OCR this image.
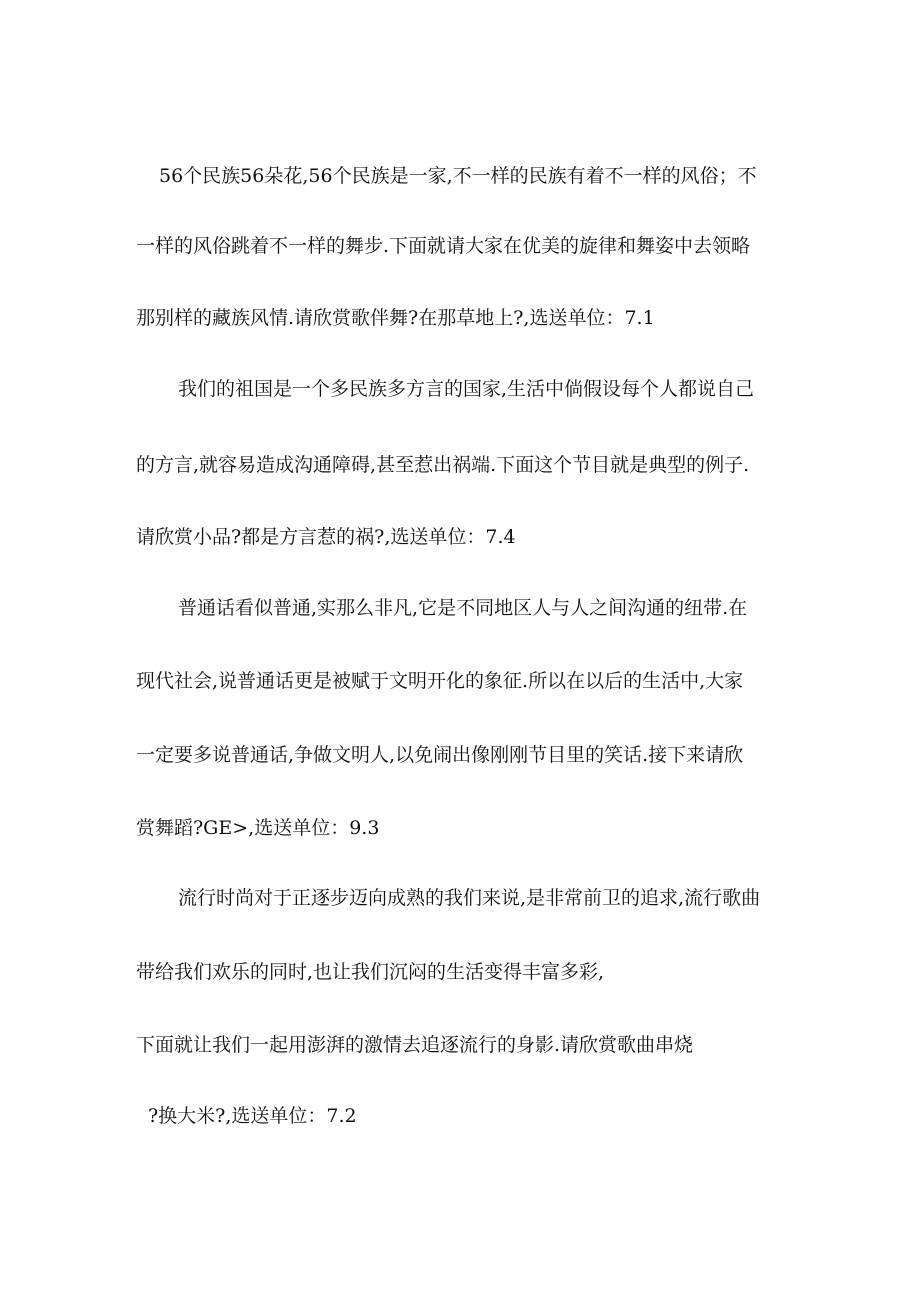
56个民族56朵花,56个民族是一家,不一样的民族有着不一样的风俗；不

一样的风俗跳着不一样的舞步.下面就请大家在优美的旋律和舞姿中去领略

那别样的藏族风情.请欣赏歌伴舞?在那草地上?,选送单位：7.1

我们的祖国是一个多民族多方言的国家,生活中倘假设每个人都说自己

的方言,就容易造成沟通障碍,甚至惹出祸端.下面这个节目就是典型的例子.

请欣赏小品?都是方言惹的祸?,选送单位：7.4

普通话看似普通,实那么非凡,它是不同地区人与人之间沟通的纽带.在

现代社会,说普通话更是被赋于文明开化的象征.所以在以后的生活中,大家

一定要多说普通话,争做文明人,以免闹出像刚刚节目里的笑话.接下来请欣

赏舞蹈?GE>,选送单位：9.3

流行时尚对于正逐步迈向成熟的我们来说,是非常前卫的追求,流行歌曲

带给我们欢乐的同时,也让我们沉闷的生活变得丰富多彩,

下面就让我们一起用澎湃的激情去追逐流行的身影.请欣赏歌曲串烧

?换大米?,选送单位：7.2
